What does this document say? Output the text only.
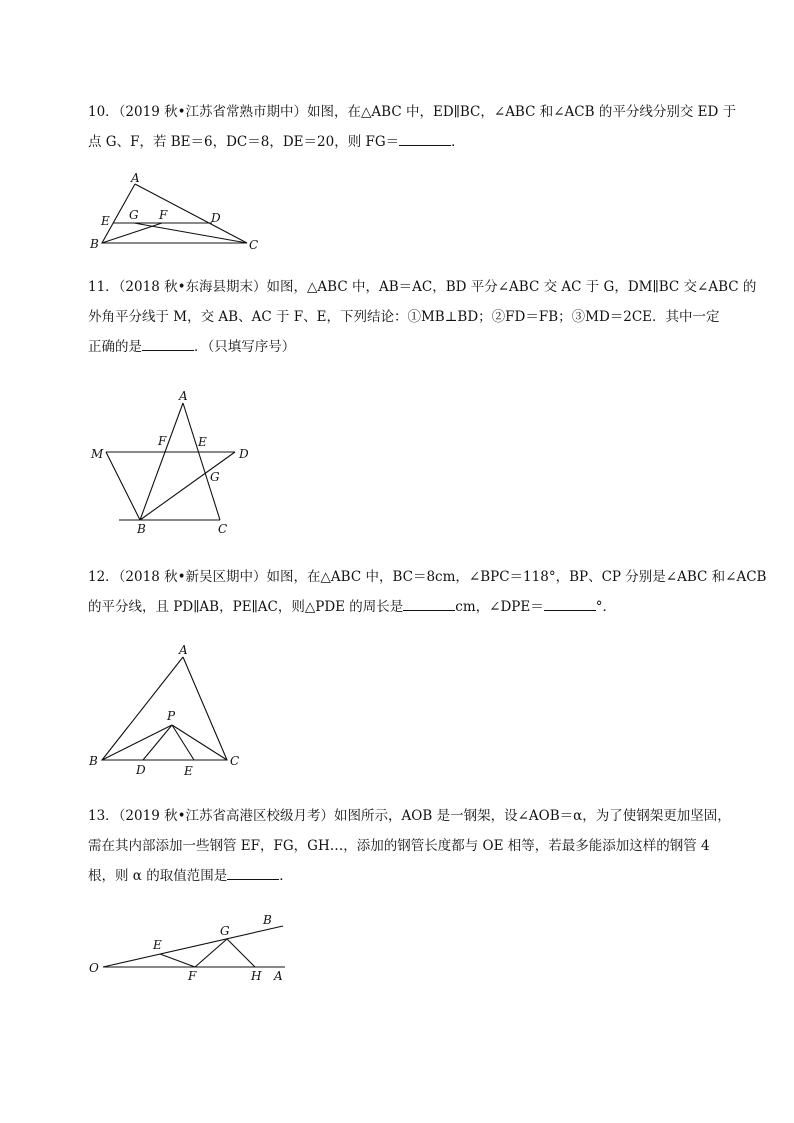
10．（2019 秋•江苏省常熟市期中）如图，在△ABC 中，ED∥BC，∠ABC 和∠ACB 的平分线分别交 ED 于

点 G、F，若 BE＝6，DC＝8，DE＝20，则 FG＝	．

A
E G F	D
B	C

11．（2018 秋•东海县期末）如图，△ABC 中，AB＝AC，BD 平分∠ABC 交 AC 于 G，DM∥BC 交∠ABC 的

外角平分线于 M，交 AB、AC 于 F、E，下列结论：①MB⊥BD；②FD＝FB；③MD＝2CE．其中一定

正确的是	．（只填写序号）

A
F	E
M	D
G
B	C

12．（2018 秋•新吴区期中）如图，在△ABC 中，BC＝8cm，∠BPC＝118°，BP、CP 分别是∠ABC 和∠ACB

的平分线，且 PD∥AB，PE∥AC，则△PDE 的周长是	cm，∠DPE＝	°．

A
P
B	C
D	E

13．（2019 秋•江苏省高港区校级月考）如图所示，AOB 是一钢架，设∠AOB＝α，为了使钢架更加坚固，

需在其内部添加一些钢管 EF，FG，GH…，添加的钢管长度都与 OE 相等，若最多能添加这样的钢管 4

根，则 α 的取值范围是	．

O
E
G
B
F	H A
